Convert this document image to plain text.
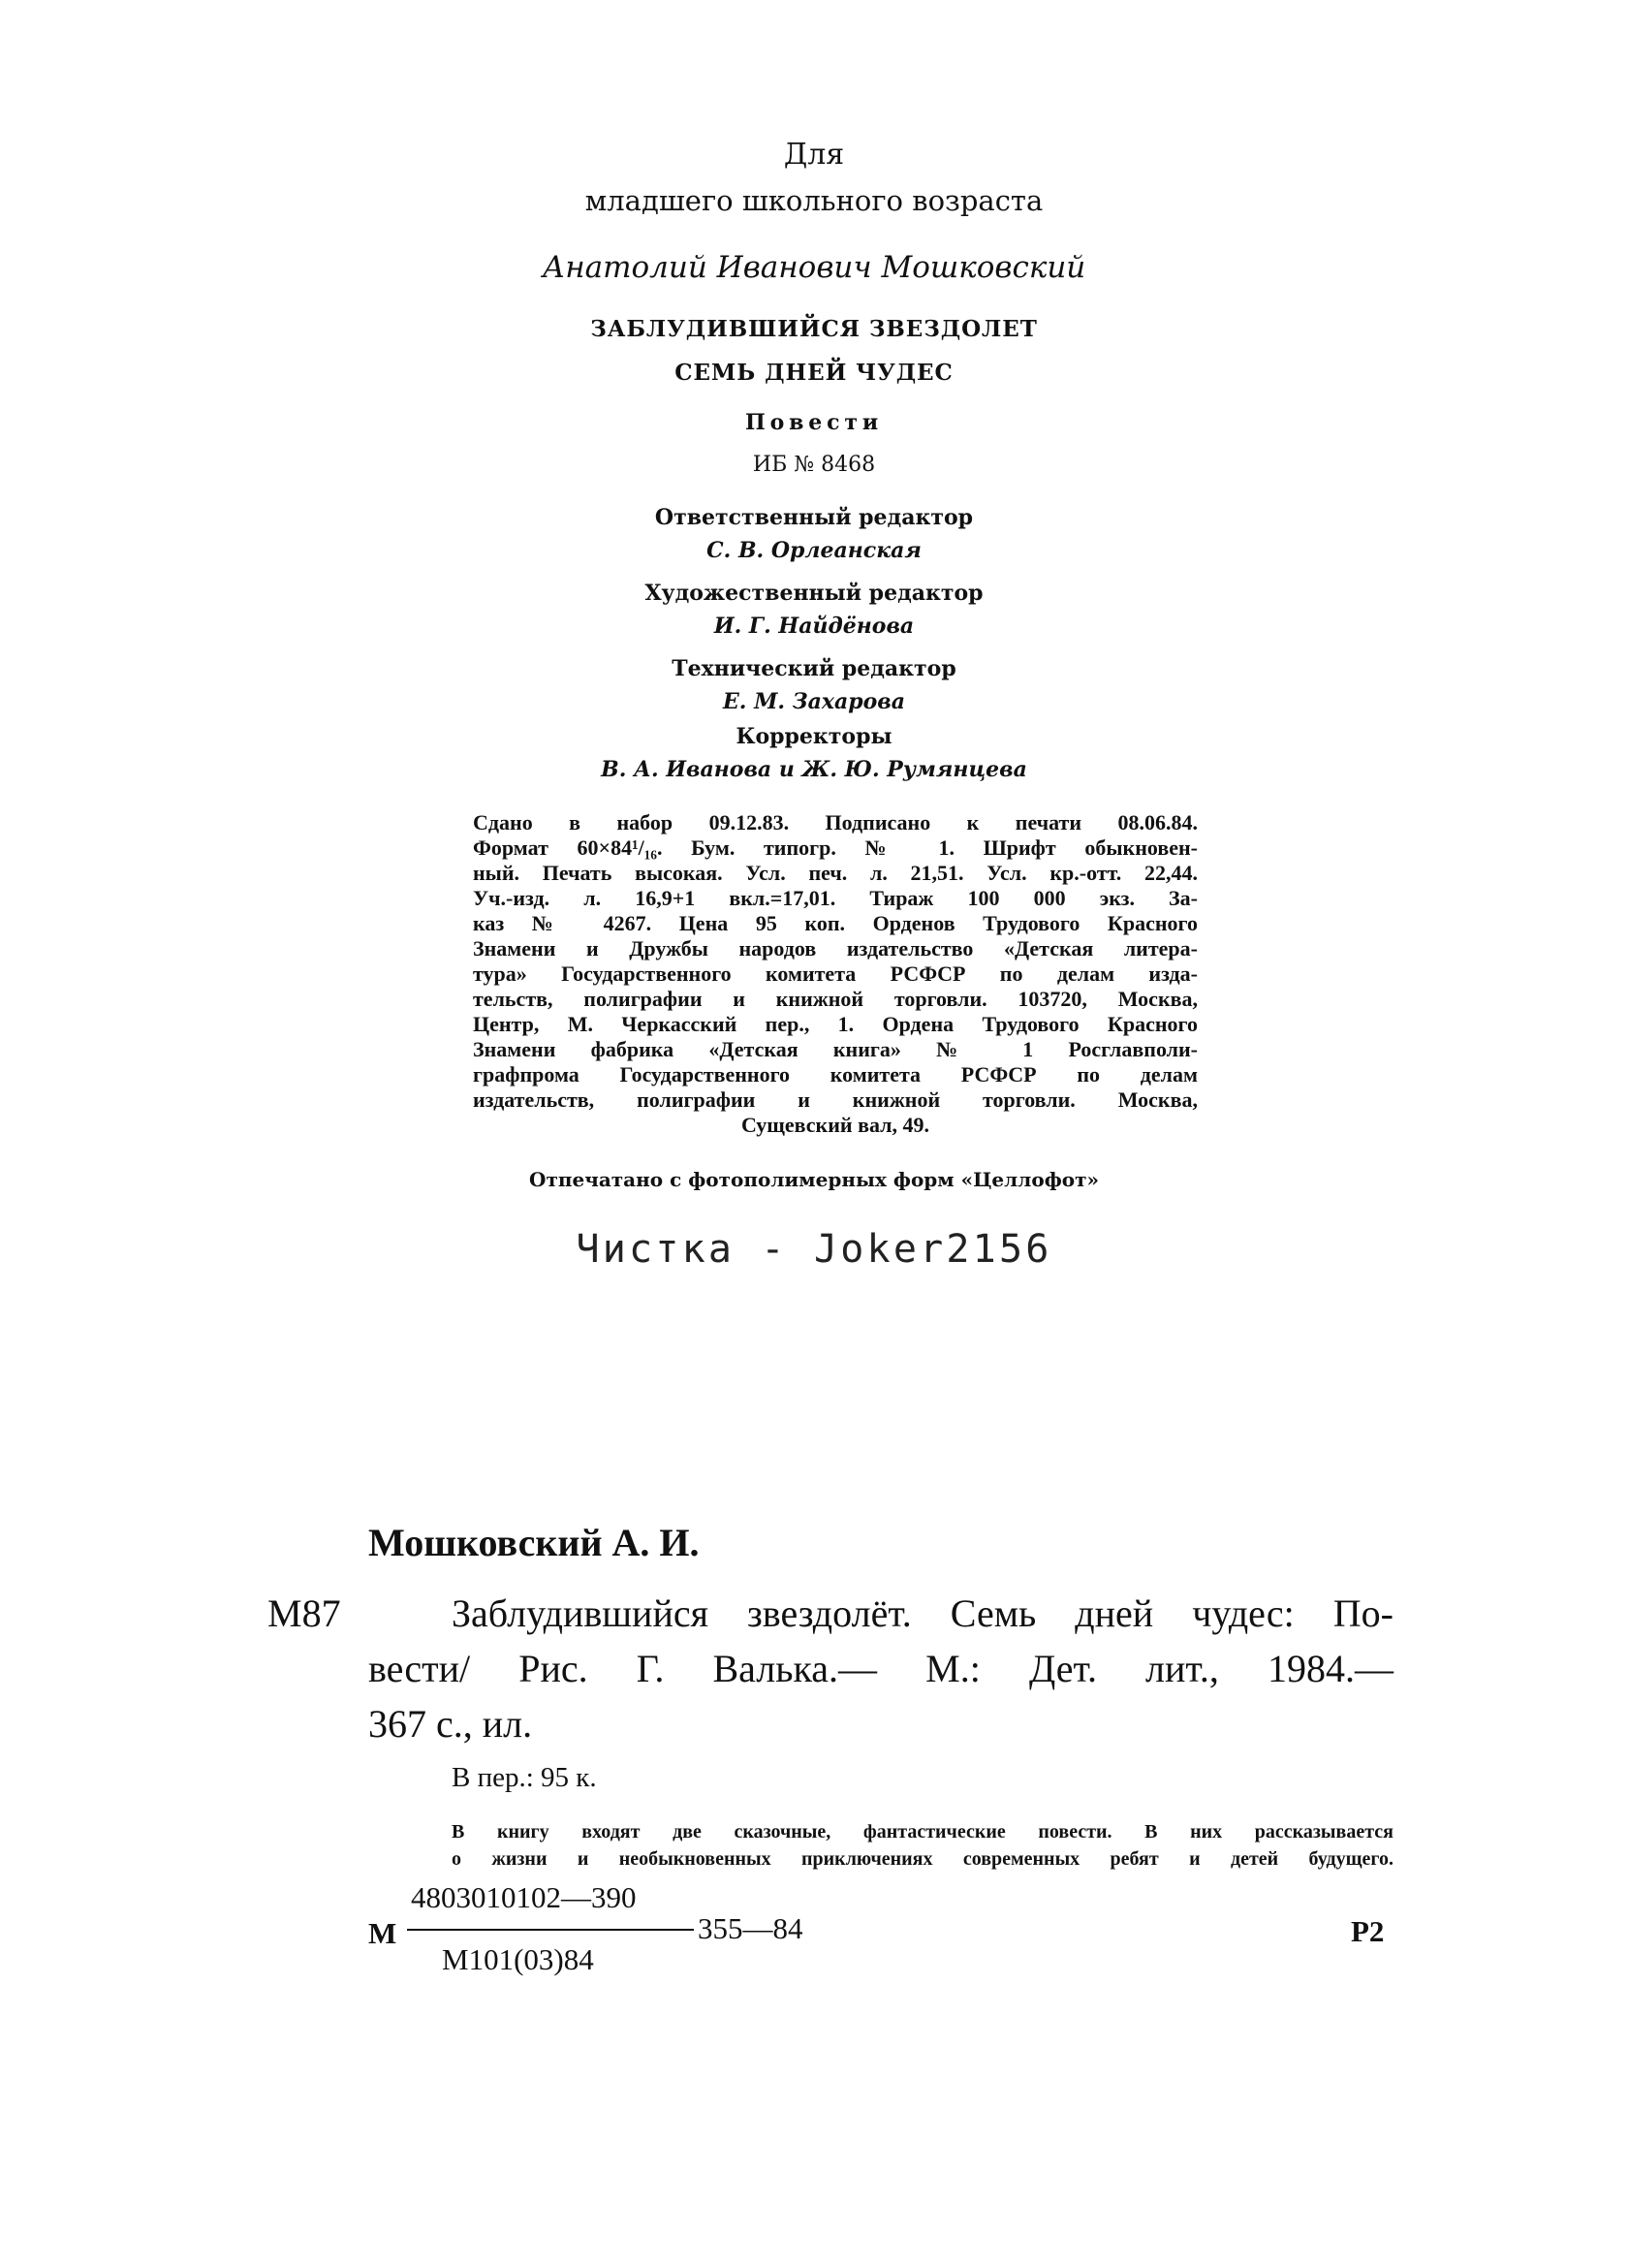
Для
младшего школьного возраста
Анатолий Иванович Мошковский
ЗАБЛУДИВШИЙСЯ ЗВЕЗДОЛЕТ
СЕМЬ ДНЕЙ ЧУДЕС
Повести
ИБ № 8468
Ответственный редактор
С. В. Орлеанская
Художественный редактор
И. Г. Найдёнова
Технический редактор
Е. М. Захарова
Корректоры
В. А. Иванова и Ж. Ю. Румянцева
Сдано в набор 09.12.83. Подписано к печати 08.06.84.
Формат 60×84¹/₁₆. Бум. типогр. № 1. Шрифт обыкновен-
ный. Печать высокая. Усл. печ. л. 21,51. Усл. кр.-отт. 22,44.
Уч.-изд. л. 16,9+1 вкл.=17,01. Тираж 100 000 экз. За-
каз № 4267. Цена 95 коп. Орденов Трудового Красного
Знамени и Дружбы народов издательство «Детская литера-
тура» Государственного комитета РСФСР по делам изда-
тельств, полиграфии и книжной торговли. 103720, Москва,
Центр, М. Черкасский пер., 1. Ордена Трудового Красного
Знамени фабрика «Детская книга» № 1 Росглавполи-
графпрома Государственного комитета РСФСР по делам
издательств, полиграфии и книжной торговли. Москва,
Сущевский вал, 49.
Отпечатано с фотополимерных форм «Целлофот»
Чистка - Joker2156
Мошковский А. И.
М87	Заблудившийся звездолёт. Семь дней чудес: По-
вести/ Рис. Г. Валька.— М.: Дет. лит., 1984.—
367 с., ил.
В пер.: 95 к.
В книгу входят две сказочные, фантастические повести. В них рассказывается
о жизни и необыкновенных приключениях современных ребят и детей будущего.
М
4803010102—390
М101(03)84
355—84	Р2
